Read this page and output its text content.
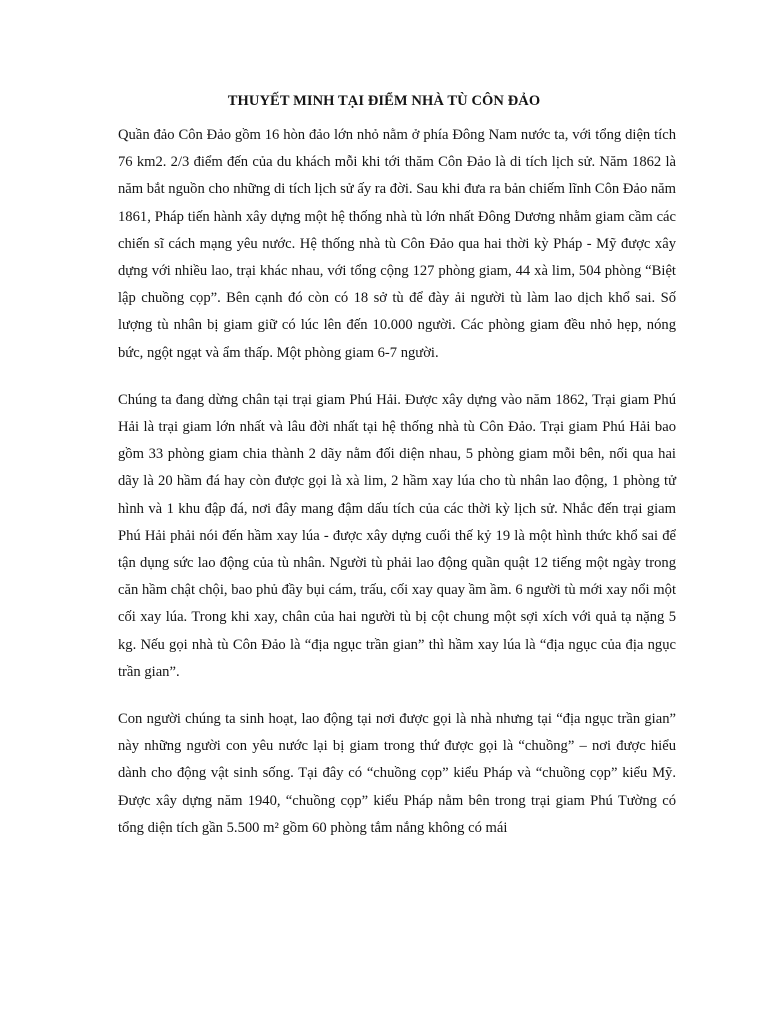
THUYẾT MINH TẠI ĐIỂM NHÀ TÙ CÔN ĐẢO

Quần đảo Côn Đảo gồm 16 hòn đảo lớn nhỏ nằm ở phía Đông Nam nước ta, với tổng diện tích 76 km2. 2/3 điểm đến của du khách mỗi khi tới thăm Côn Đảo là di tích lịch sử. Năm 1862 là năm bắt nguồn cho những di tích lịch sử ấy ra đời. Sau khi đưa ra bản chiếm lĩnh Côn Đảo năm 1861, Pháp tiến hành xây dựng một hệ thống nhà tù lớn nhất Đông Dương nhằm giam cầm các chiến sĩ cách mạng yêu nước. Hệ thống nhà tù Côn Đảo qua hai thời kỳ Pháp - Mỹ được xây dựng với nhiều lao, trại khác nhau, với tổng cộng 127 phòng giam, 44 xà lim, 504 phòng “Biệt lập chuồng cọp”. Bên cạnh đó còn có 18 sở tù để đày ải người tù làm lao dịch khổ sai. Số lượng tù nhân bị giam giữ có lúc lên đến 10.000 người. Các phòng giam đều nhỏ hẹp, nóng bức, ngột ngạt và ẩm thấp. Một phòng giam 6-7 người.

Chúng ta đang dừng chân tại trại giam Phú Hải. Được xây dựng vào năm 1862, Trại giam Phú Hải là trại giam lớn nhất và lâu đời nhất tại hệ thống nhà tù Côn Đảo. Trại giam Phú Hải bao gồm 33 phòng giam chia thành 2 dãy nằm đối diện nhau, 5 phòng giam mỗi bên, nối qua hai dãy là 20 hầm đá hay còn được gọi là xà lim, 2 hầm xay lúa cho tù nhân lao động, 1 phòng tử hình và 1 khu đập đá, nơi đây mang đậm dấu tích của các thời kỳ lịch sử. Nhắc đến trại giam Phú Hải phải nói đến hầm xay lúa - được xây dựng cuối thế kỷ 19 là một hình thức khổ sai để tận dụng sức lao động của tù nhân. Người tù phải lao động quần quật 12 tiếng một ngày trong căn hầm chật chội, bao phủ đầy bụi cám, trấu, cối xay quay ầm ầm. 6 người tù mới xay nổi một cối xay lúa. Trong khi xay, chân của hai người tù bị cột chung một sợi xích với quả tạ nặng 5 kg. Nếu gọi nhà tù Côn Đảo là “địa ngục trần gian” thì hầm xay lúa là “địa ngục của địa ngục trần gian”.

Con người chúng ta sinh hoạt, lao động tại nơi được gọi là nhà nhưng tại “địa ngục trần gian” này những người con yêu nước lại bị giam trong thứ được gọi là “chuồng” – nơi được hiểu dành cho động vật sinh sống. Tại đây có “chuồng cọp” kiểu Pháp và “chuồng cọp” kiểu Mỹ. Được xây dựng năm 1940, “chuồng cọp” kiểu Pháp nằm bên trong trại giam Phú Tường có tổng diện tích gần 5.500 m² gồm 60 phòng tắm nắng không có mái
